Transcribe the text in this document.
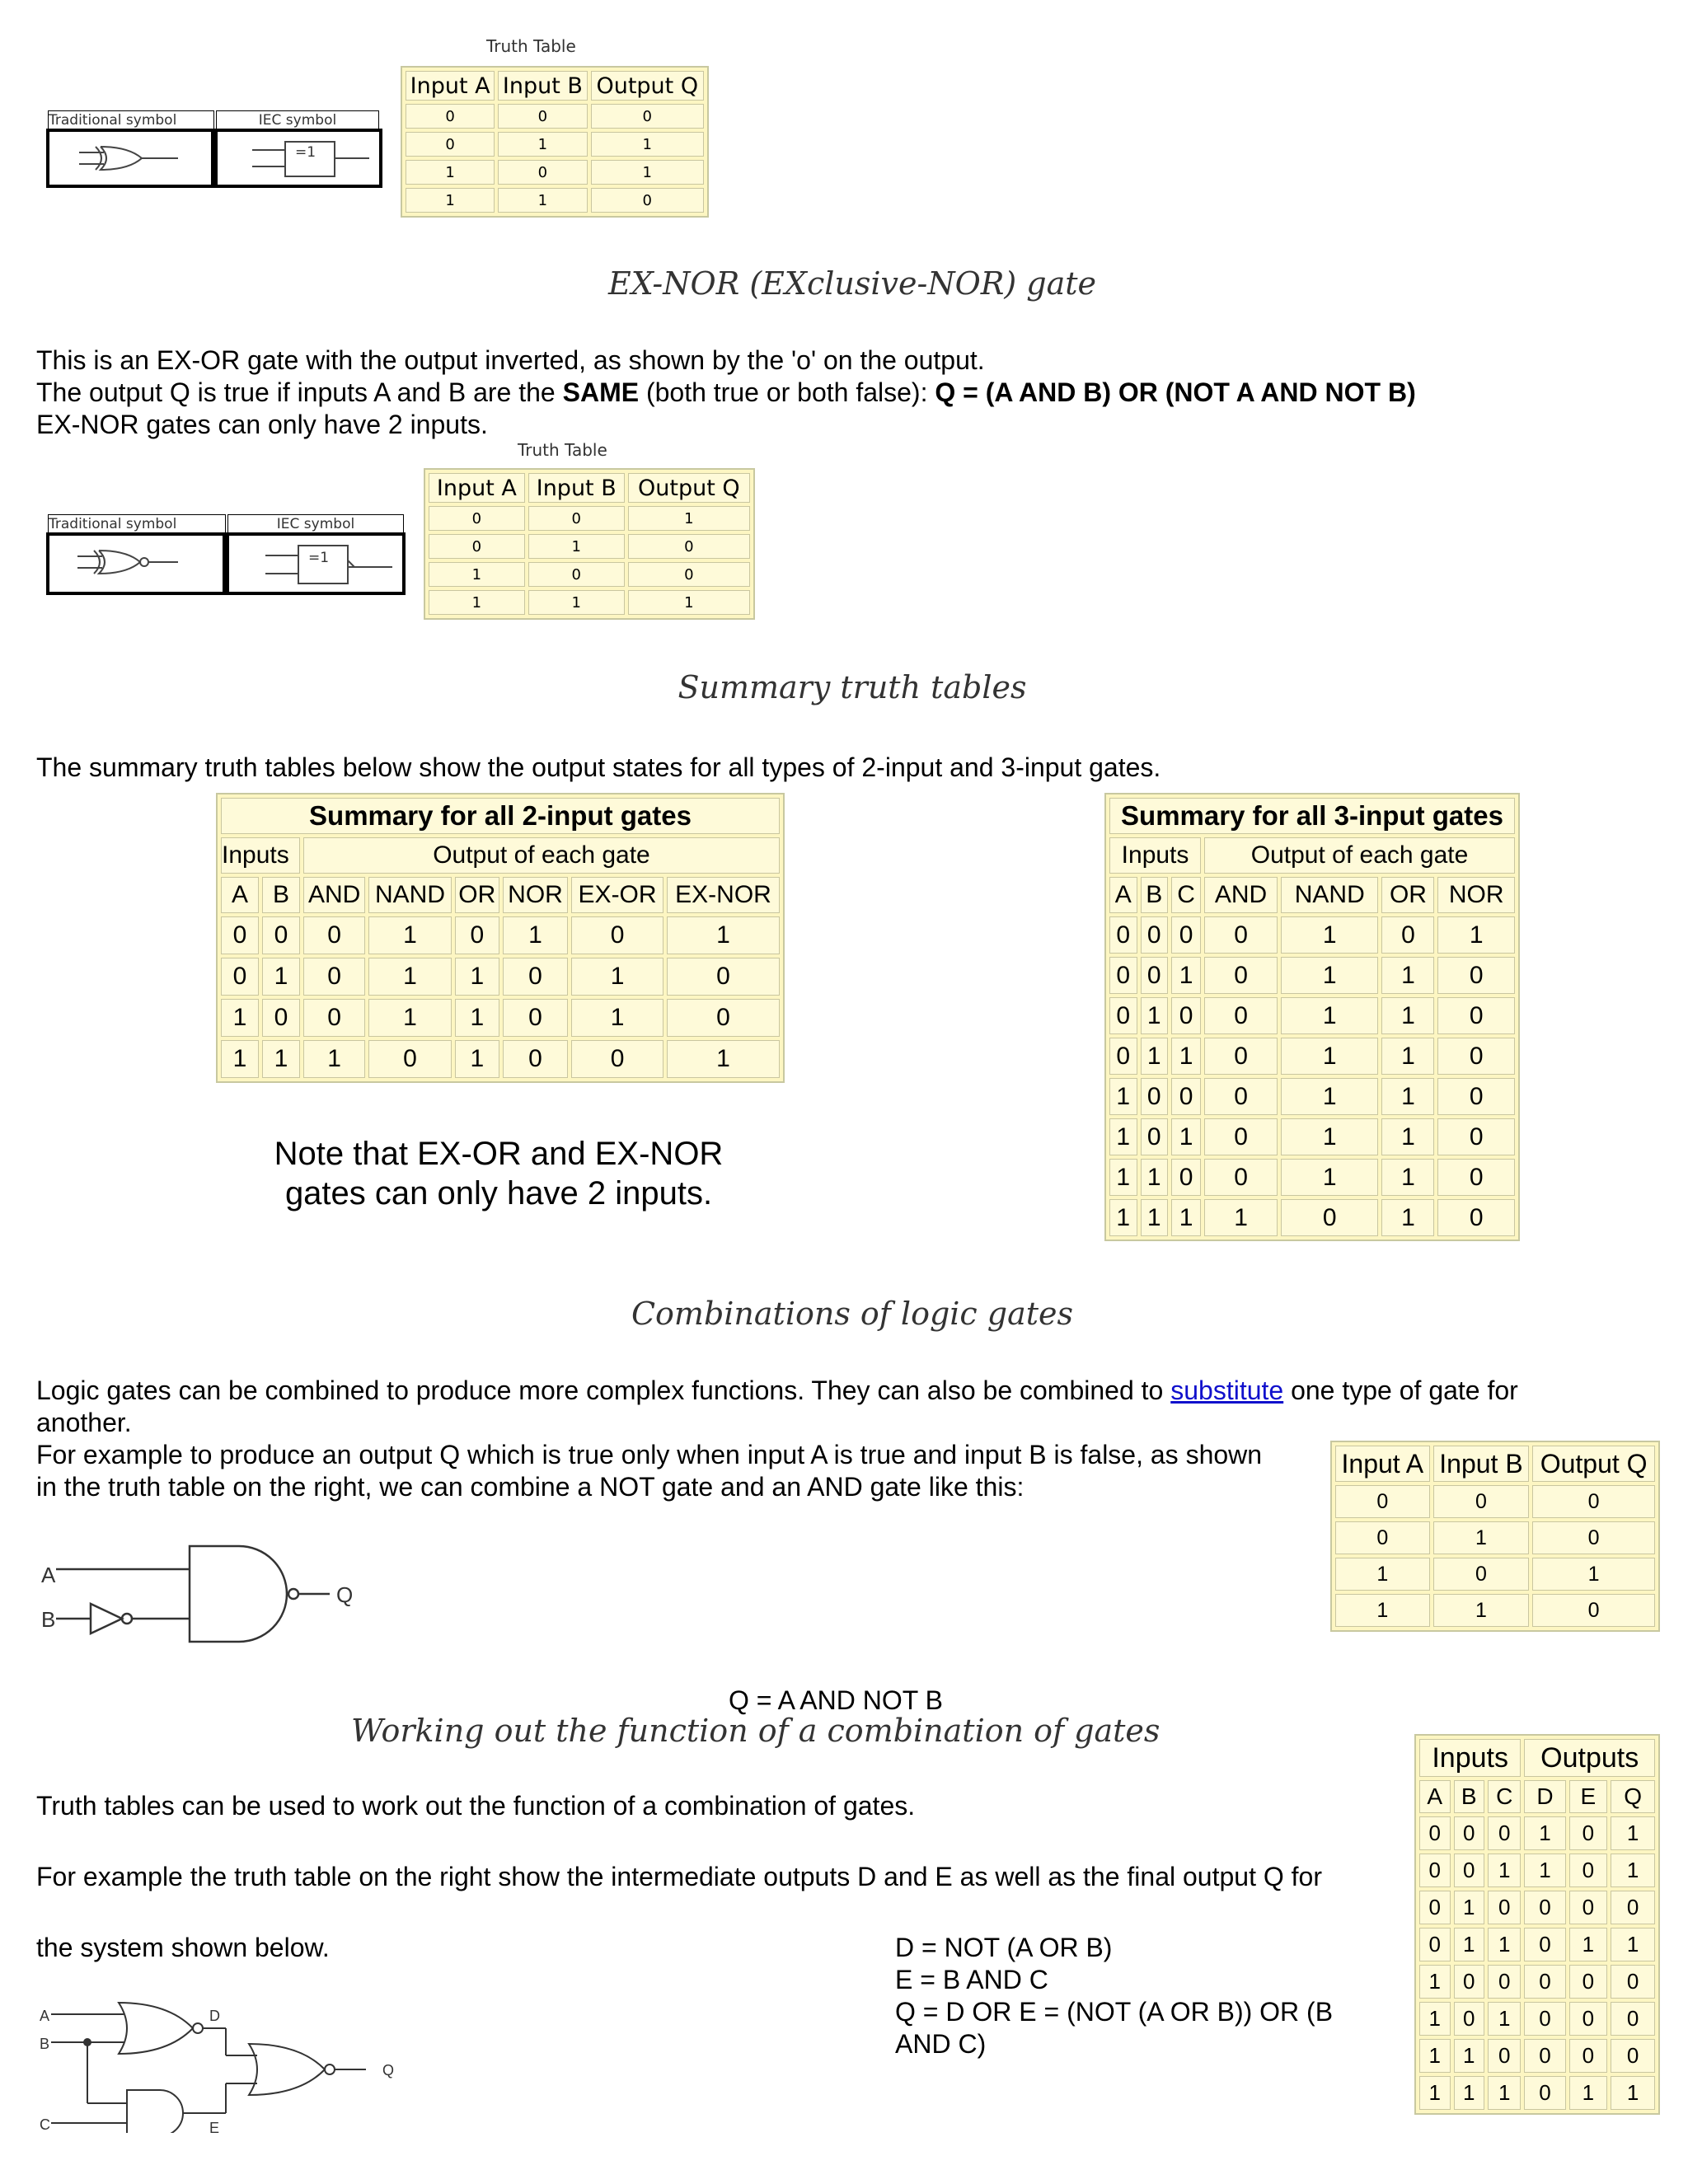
Truth Table
Traditional symbol	IEC symbol
=1
Input A	Input B	Output Q
0	0	0
0	1	1
1	0	1
1	1	0
EX-NOR (EXclusive-NOR) gate
This is an EX-OR gate with the output inverted, as shown by the 'o' on the output.
The output Q is true if inputs A and B are the SAME (both true or both false): Q = (A AND B) OR (NOT A AND NOT B)
EX-NOR gates can only have 2 inputs.
Truth Table
Traditional symbol	IEC symbol
=1
Input A	Input B	Output Q
0	0	1
0	1	0
1	0	0
1	1	1
Summary truth tables
The summary truth tables below show the output states for all types of 2-input and 3-input gates.
Summary for all 2-input gates							
Inputs		Output of each gate					
A	B	AND	NAND	OR	NOR	EX-OR	EX-NOR
0	0	0	1	0	1	0	1
0	1	0	1	1	0	1	0
1	0	0	1	1	0	1	0
1	1	1	0	1	0	0	1
Note that EX-OR and EX-NOR
gates can only have 2 inputs.
Summary for all 3-input gates						
Inputs			Output of each gate			
A	B	C	AND	NAND	OR	NOR
0	0	0	0	1	0	1
0	0	1	0	1	1	0
0	1	0	0	1	1	0
0	1	1	0	1	1	0
1	0	0	0	1	1	0
1	0	1	0	1	1	0
1	1	0	0	1	1	0
1	1	1	1	0	1	0
Combinations of logic gates
Logic gates can be combined to produce more complex functions. They can also be combined to substitute one type of gate for
another.
For example to produce an output Q which is true only when input A is true and input B is false, as shown
in the truth table on the right, we can combine a NOT gate and an AND gate like this:
Input A	Input B	Output Q
0	0	0
0	1	0
1	0	1
1	1	0
A
B
Q
Q = A AND NOT B
Working out the function of a combination of gates
Truth tables can be used to work out the function of a combination of gates.
For example the truth table on the right show the intermediate outputs D and E as well as the final output Q for
the system shown below.	D = NOT (A OR B)
E = B AND C
Q = D OR E = (NOT (A OR B)) OR (B
AND C)
Inputs			Outputs		
A	B	C	D	E	Q
0	0	0	1	0	1
0	0	1	1	0	1
0	1	0	0	0	0
0	1	1	0	1	1
1	0	0	0	0	0
1	0	1	0	0	0
1	1	0	0	0	0
1	1	1	0	1	1
A
B
C
D
E
Q
